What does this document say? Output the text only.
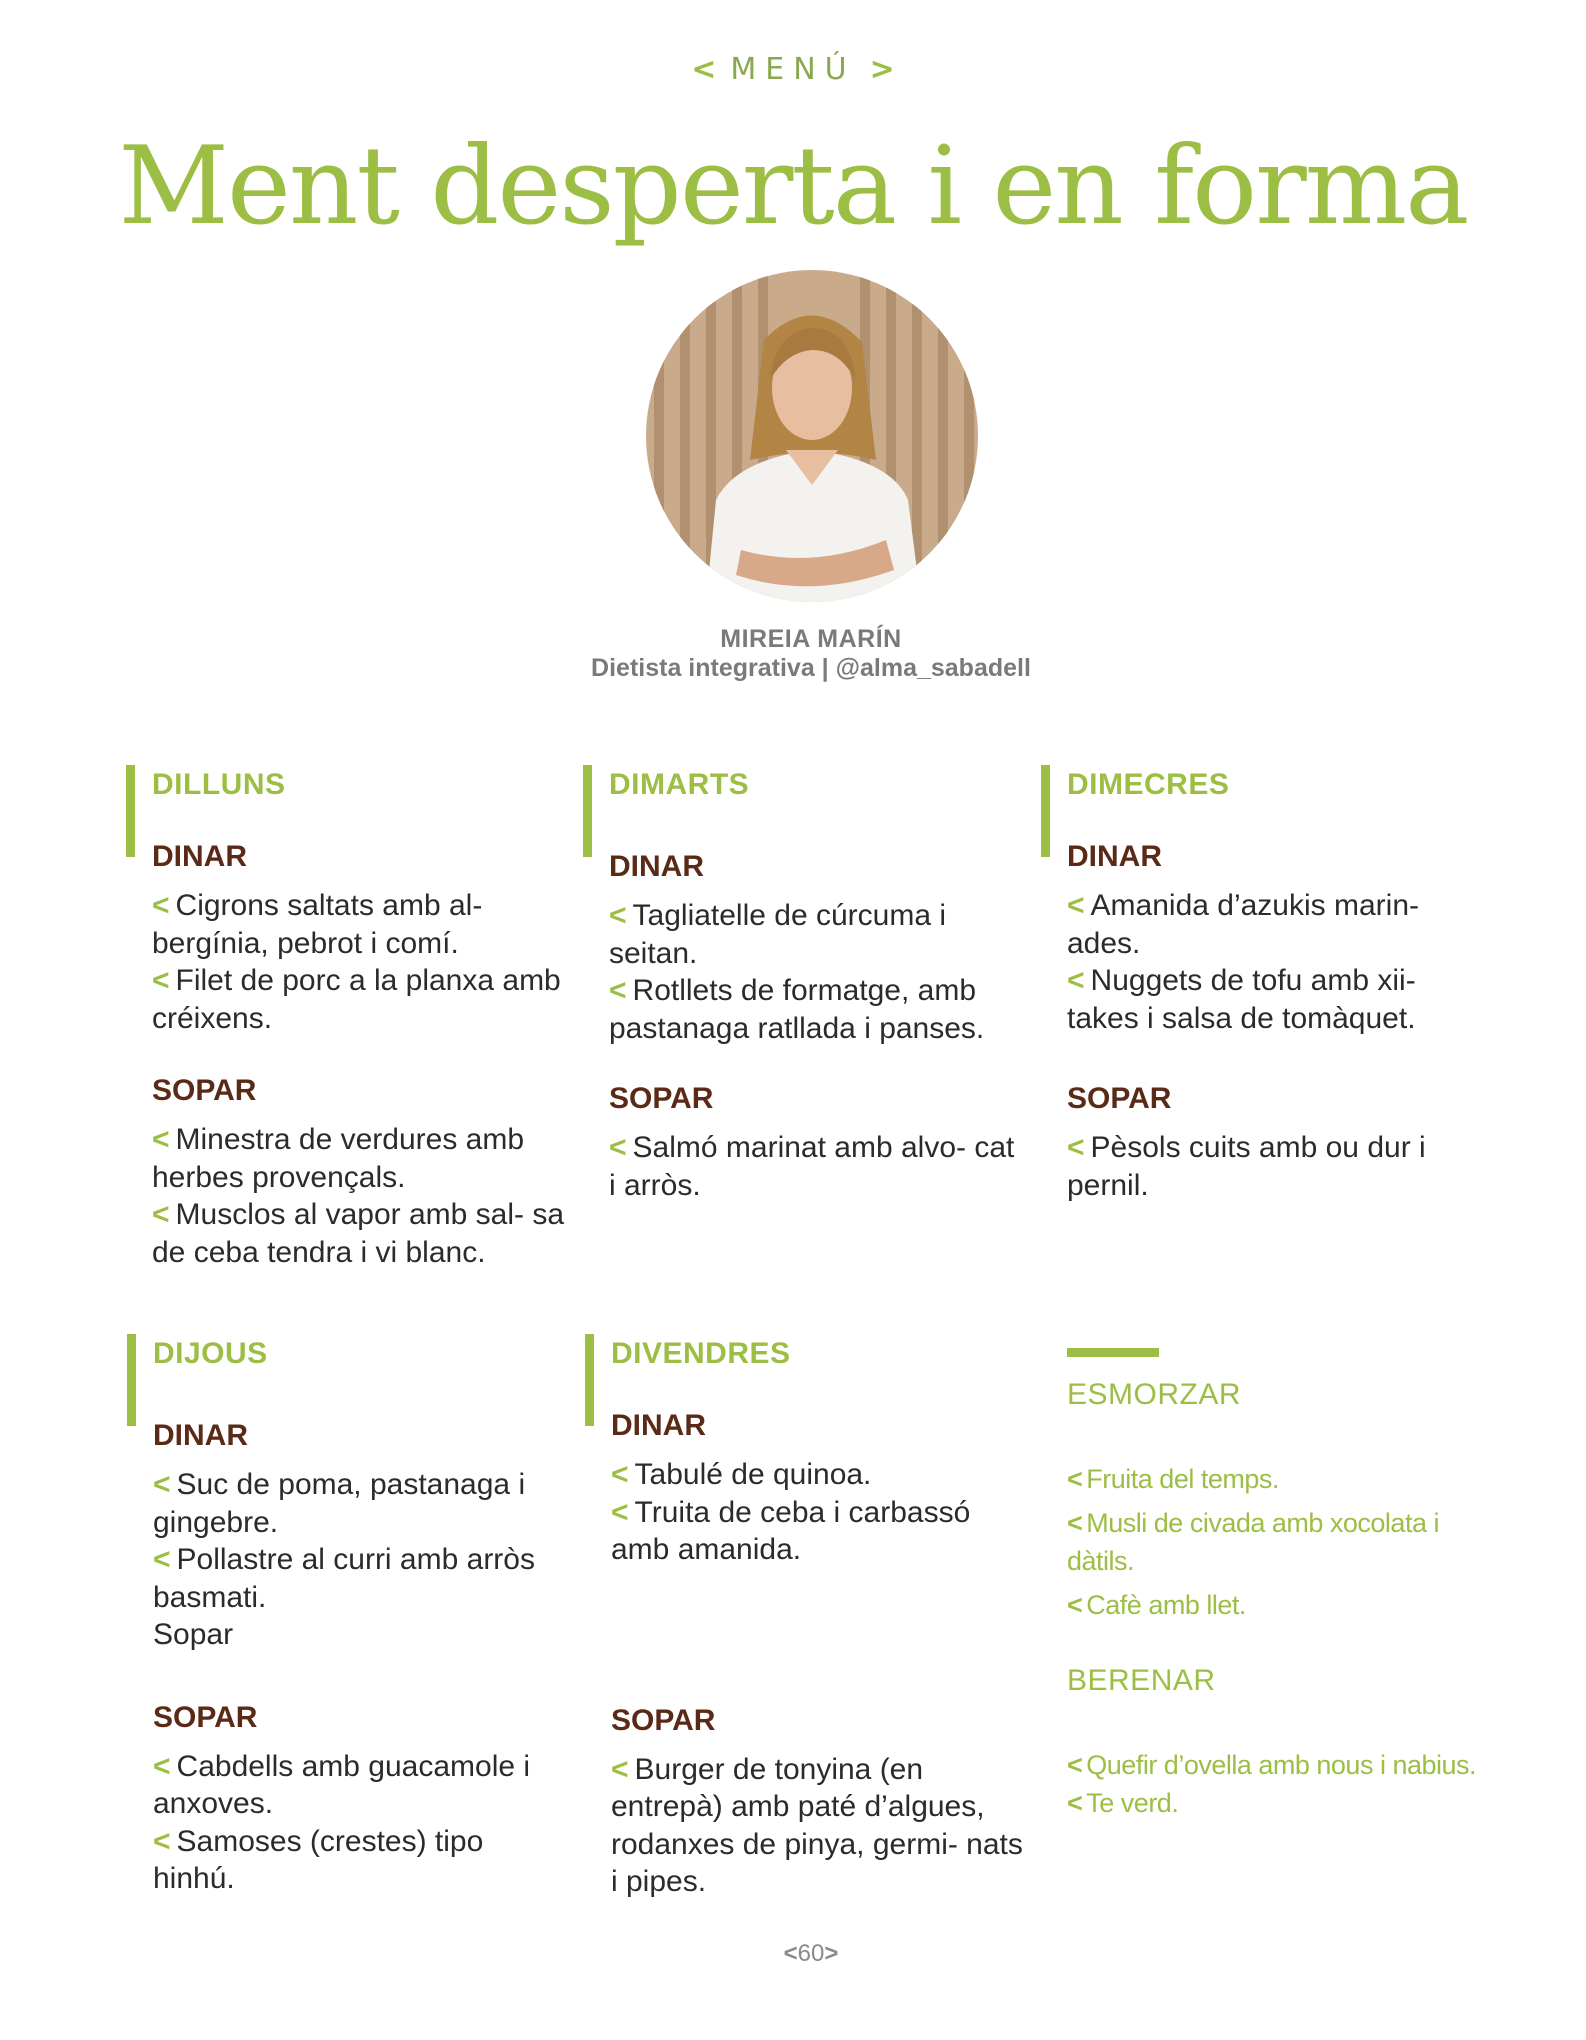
< MENÚ >
Ment desperta i en forma
MIREIA MARÍN
Dietista integrativa | @alma_sabadell
DILLUNS
DINAR
< Cigrons saltats amb al- bergínia, pebrot i comí.
< Filet de porc a la planxa amb créixens.
SOPAR
< Minestra de verdures amb herbes provençals.
< Musclos al vapor amb sal- sa de ceba tendra i vi blanc.
DIMARTS
DINAR
< Tagliatelle de cúrcuma i seitan.
< Rotllets de formatge, amb pastanaga ratllada i panses.
SOPAR
< Salmó marinat amb alvo- cat i arròs.
DIMECRES
DINAR
< Amanida d’azukis marin- ades.
< Nuggets de tofu amb xii- takes i salsa de tomàquet.
SOPAR
< Pèsols cuits amb ou dur i pernil.
DIJOUS
DINAR
< Suc de poma, pastanaga i gingebre.
< Pollastre al curri amb arròs basmati.
Sopar
SOPAR
< Cabdells amb guacamole i anxoves.
< Samoses (crestes) tipo hinhú.
DIVENDRES
DINAR
< Tabulé de quinoa.
< Truita de ceba i carbassó amb amanida.
SOPAR
< Burger de tonyina (en entrepà) amb paté d’algues, rodanxes de pinya, germi- nats i pipes.
ESMORZAR
< Fruita del temps.
< Musli de civada amb xocolata i dàtils.
< Cafè amb llet.
BERENAR
< Quefir d’ovella amb nous i nabius.
< Te verd.
<60>
